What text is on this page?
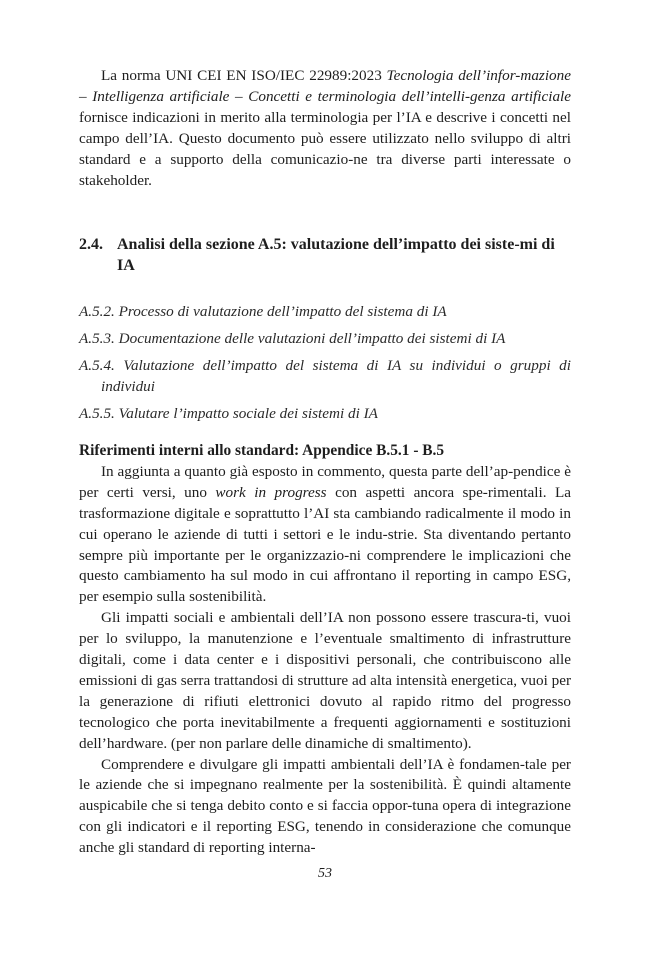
La norma UNI CEI EN ISO/IEC 22989:2023 Tecnologia dell’infor-mazione – Intelligenza artificiale – Concetti e terminologia dell’intelli-genza artificiale fornisce indicazioni in merito alla terminologia per l’IA e descrive i concetti nel campo dell’IA. Questo documento può essere utilizzato nello sviluppo di altri standard e a supporto della comunicazio-ne tra diverse parti interessate o stakeholder.

2.4. Analisi della sezione A.5: valutazione dell’impatto dei siste-mi di IA

A.5.2. Processo di valutazione dell’impatto del sistema di IA

A.5.3. Documentazione delle valutazioni dell’impatto dei sistemi di IA

A.5.4. Valutazione dell’impatto del sistema di IA su individui o gruppi di individui

A.5.5. Valutare l’impatto sociale dei sistemi di IA

Riferimenti interni allo standard: Appendice B.5.1 - B.5

In aggiunta a quanto già esposto in commento, questa parte dell’ap-pendice è per certi versi, uno work in progress con aspetti ancora spe-rimentali. La trasformazione digitale e soprattutto l’AI sta cambiando radicalmente il modo in cui operano le aziende di tutti i settori e le indu-strie. Sta diventando pertanto sempre più importante per le organizzazio-ni comprendere le implicazioni che questo cambiamento ha sul modo in cui affrontano il reporting in campo ESG, per esempio sulla sostenibilità.

Gli impatti sociali e ambientali dell’IA non possono essere trascura-ti, vuoi per lo sviluppo, la manutenzione e l’eventuale smaltimento di infrastrutture digitali, come i data center e i dispositivi personali, che contribuiscono alle emissioni di gas serra trattandosi di strutture ad alta intensità energetica, vuoi per la generazione di rifiuti elettronici dovuto al rapido ritmo del progresso tecnologico che porta inevitabilmente a frequenti aggiornamenti e sostituzioni dell’hardware. (per non parlare delle dinamiche di smaltimento).

Comprendere e divulgare gli impatti ambientali dell’IA è fondamen-tale per le aziende che si impegnano realmente per la sostenibilità. È quindi altamente auspicabile che si tenga debito conto e si faccia oppor-tuna opera di integrazione con gli indicatori e il reporting ESG, tenendo in considerazione che comunque anche gli standard di reporting interna-

53
